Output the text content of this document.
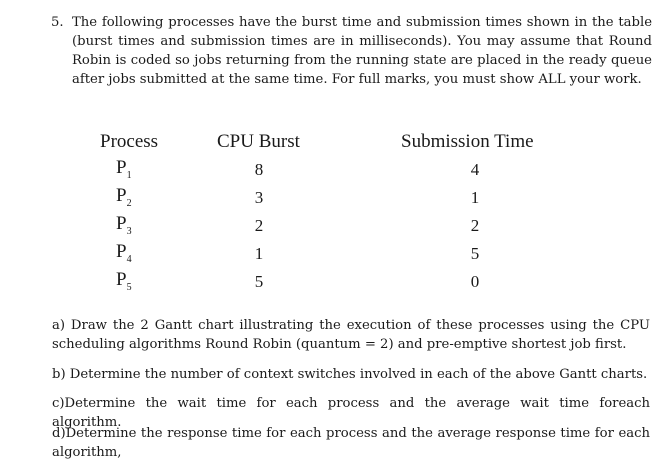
5. The following processes have the burst time and submission times shown in the table (burst times and submission times are in milliseconds). You may assume that Round Robin is coded so jobs returning from the running state are placed in the ready queue after jobs submitted at the same time. For full marks, you must show ALL your work.
Process	CPU Burst	Submission Time
$P_1$	8	4
$P_2$	3	1
$P_3$	2	2
$P_4$	1	5
$P_5$	5	0
a) Draw the 2 Gantt chart illustrating the execution of these processes using the CPU scheduling algorithms Round Robin (quantum = 2) and pre-emptive shortest job first.
b) Determine the number of context switches involved in each of the above Gantt charts.
c)Determine the wait time for each process and the average wait time foreach algorithm.
d)Determine the response time for each process and the average response time for each algorithm,
